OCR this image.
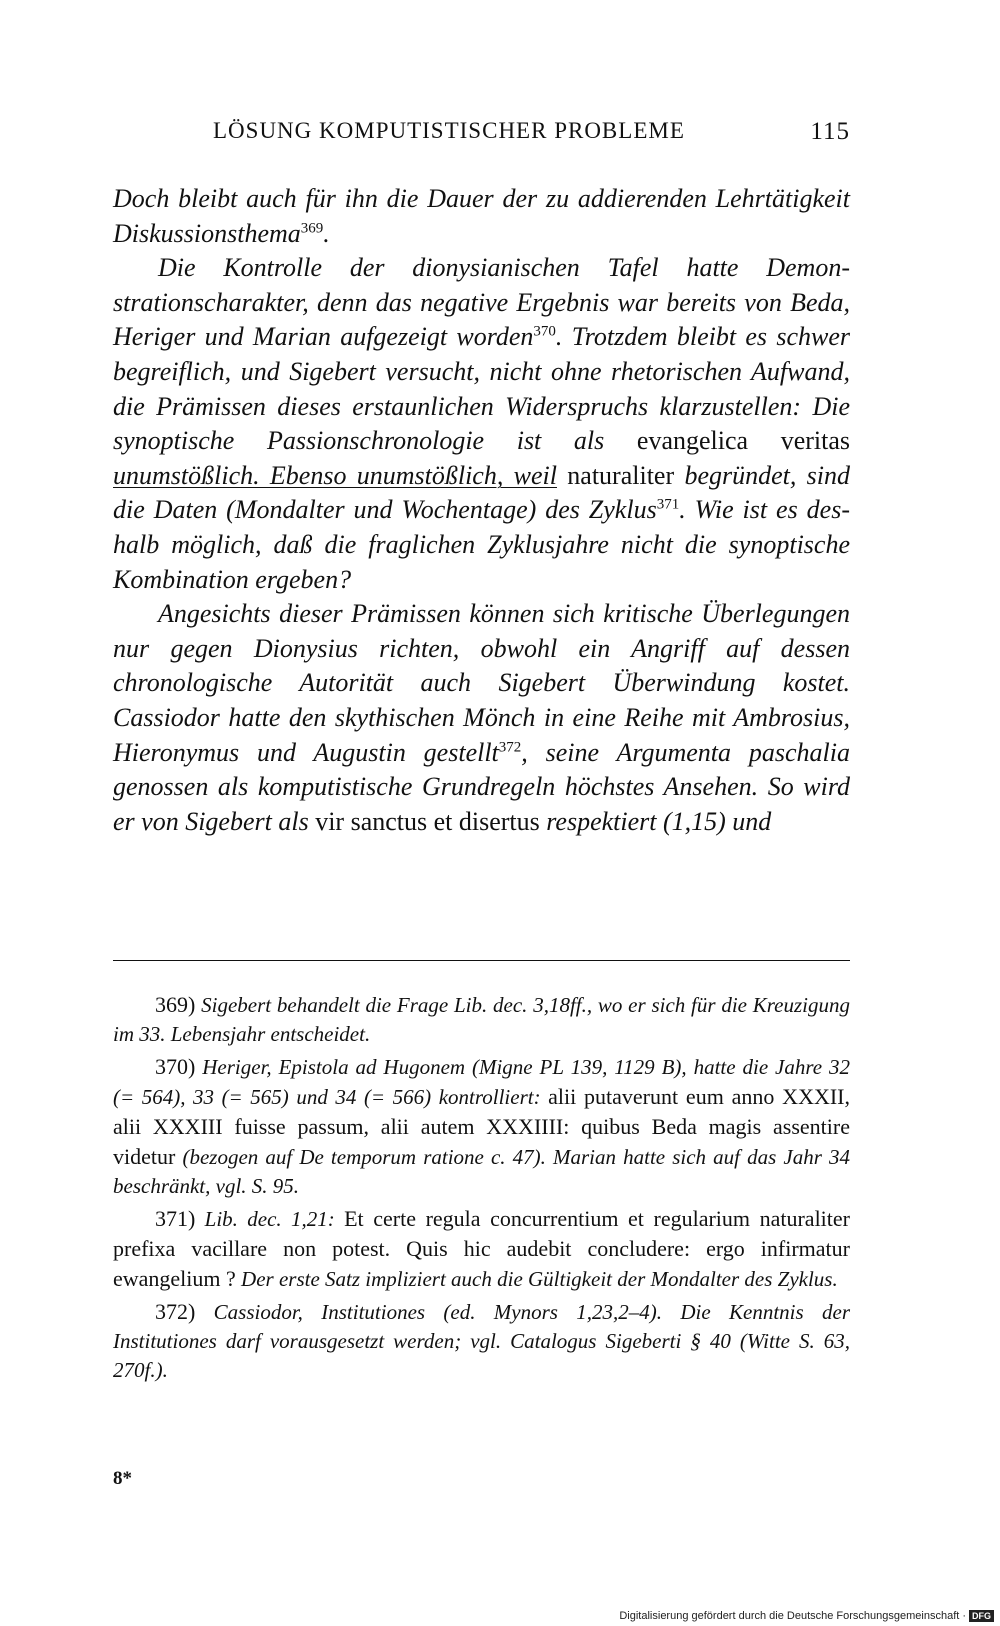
LÖSUNG KOMPUTISTISCHER PROBLEME	115

Doch bleibt auch für ihn die Dauer der zu addierenden Lehrtätigkeit Diskussionsthema$^{369}$.

Die Kontrolle der dionysianischen Tafel hatte Demonstrationscharakter, denn das negative Ergebnis war bereits von Beda, Heriger und Marian aufgezeigt worden$^{370}$. Trotzdem bleibt es schwer begreiflich, und Sigebert versucht, nicht ohne rhetorischen Aufwand, die Prämissen dieses erstaunlichen Widerspruchs klarzustellen: Die synoptische Passionschronologie ist als evangelica veritas unumstößlich. Ebenso unumstößlich, weil naturaliter begründet, sind die Daten (Mondalter und Wochentage) des Zyklus$^{371}$. Wie ist es deshalb möglich, daß die fraglichen Zyklusjahre nicht die synoptische Kombination ergeben?

Angesichts dieser Prämissen können sich kritische Überlegungen nur gegen Dionysius richten, obwohl ein Angriff auf dessen chronologische Autorität auch Sigebert Überwindung kostet. Cassiodor hatte den skythischen Mönch in eine Reihe mit Ambrosius, Hieronymus und Augustin gestellt$^{372}$, seine Argumenta paschalia genossen als komputistische Grundregeln höchstes Ansehen. So wird er von Sigebert als vir sanctus et disertus respektiert (1,15) und

369) Sigebert behandelt die Frage Lib. dec. 3,18ff., wo er sich für die Kreuzigung im 33. Lebensjahr entscheidet.

370) Heriger, Epistola ad Hugonem (Migne PL 139, 1129 B), hatte die Jahre 32 (= 564), 33 (= 565) und 34 (= 566) kontrolliert: alii putaverunt eum anno XXXII, alii XXXIII fuisse passum, alii autem XXXIIII: quibus Beda magis assentire videtur (bezogen auf De temporum ratione c. 47). Marian hatte sich auf das Jahr 34 beschränkt, vgl. S. 95.

371) Lib. dec. 1,21: Et certe regula concurrentium et regularium naturaliter prefixa vacillare non potest. Quis hic audebit concludere: ergo infirmatur ewangelium ? Der erste Satz impliziert auch die Gültigkeit der Mondalter des Zyklus.

372) Cassiodor, Institutiones (ed. Mynors 1,23,2–4). Die Kenntnis der Institutiones darf vorausgesetzt werden; vgl. Catalogus Sigeberti § 40 (Witte S. 63, 270f.).

8*
Digitalisierung gefördert durch die Deutsche Forschungsgemeinschaft · DFG
